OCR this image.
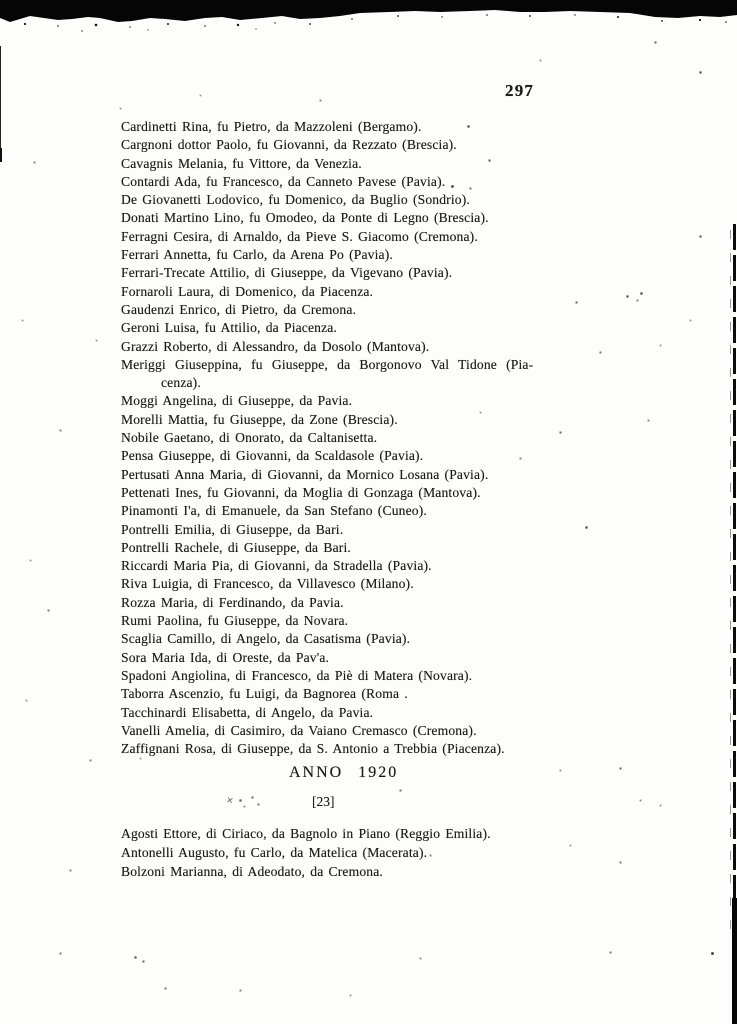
×
297
Cardinetti Rina, fu Pietro, da Mazzoleni (Bergamo).
Cargnoni dottor Paolo, fu Giovanni, da Rezzato (Brescia).
Cavagnis Melania, fu Vittore, da Venezia.
Contardi Ada, fu Francesco, da Canneto Pavese (Pavia).
De Giovanetti Lodovico, fu Domenico, da Buglio (Sondrio).
Donati Martino Lino, fu Omodeo, da Ponte di Legno (Brescia).
Ferragni Cesira, di Arnaldo, da Pieve S. Giacomo (Cremona).
Ferrari Annetta, fu Carlo, da Arena Po (Pavia).
Ferrari-Trecate Attilio, di Giuseppe, da Vigevano (Pavia).
Fornaroli Laura, di Domenico, da Piacenza.
Gaudenzi Enrico, di Pietro, da Cremona.
Geroni Luisa, fu Attilio, da Piacenza.
Grazzi Roberto, di Alessandro, da Dosolo (Mantova).
Meriggi Giuseppina, fu Giuseppe, da Borgonovo Val Tidone (Pia-
cenza).
Moggi Angelina, di Giuseppe, da Pavia.
Morelli Mattia, fu Giuseppe, da Zone (Brescia).
Nobile Gaetano, di Onorato, da Caltanisetta.
Pensa Giuseppe, di Giovanni, da Scaldasole (Pavia).
Pertusati Anna Maria, di Giovanni, da Mornico Losana (Pavia).
Pettenati Ines, fu Giovanni, da Moglia di Gonzaga (Mantova).
Pinamonti I'a, di Emanuele, da San Stefano (Cuneo).
Pontrelli Emilia, di Giuseppe, da Bari.
Pontrelli Rachele, di Giuseppe, da Bari.
Riccardi Maria Pia, di Giovanni, da Stradella (Pavia).
Riva Luigia, di Francesco, da Villavesco (Milano).
Rozza Maria, di Ferdinando, da Pavia.
Rumi Paolina, fu Giuseppe, da Novara.
Scaglia Camillo, di Angelo, da Casatisma (Pavia).
Sora Maria Ida, di Oreste, da Pav'a.
Spadoni Angiolina, di Francesco, da Piè di Matera (Novara).
Taborra Ascenzio, fu Luigi, da Bagnorea (Roma .
Tacchinardi Elisabetta, di Angelo, da Pavia.
Vanelli Amelia, di Casimiro, da Vaiano Cremasco (Cremona).
Zaffignani Rosa, di Giuseppe, da S. Antonio a Trebbia (Piacenza).
ANNO 1920
[23]
Agosti Ettore, di Ciriaco, da Bagnolo in Piano (Reggio Emilia).
Antonelli Augusto, fu Carlo, da Matelica (Macerata).
Bolzoni Marianna, di Adeodato, da Cremona.
